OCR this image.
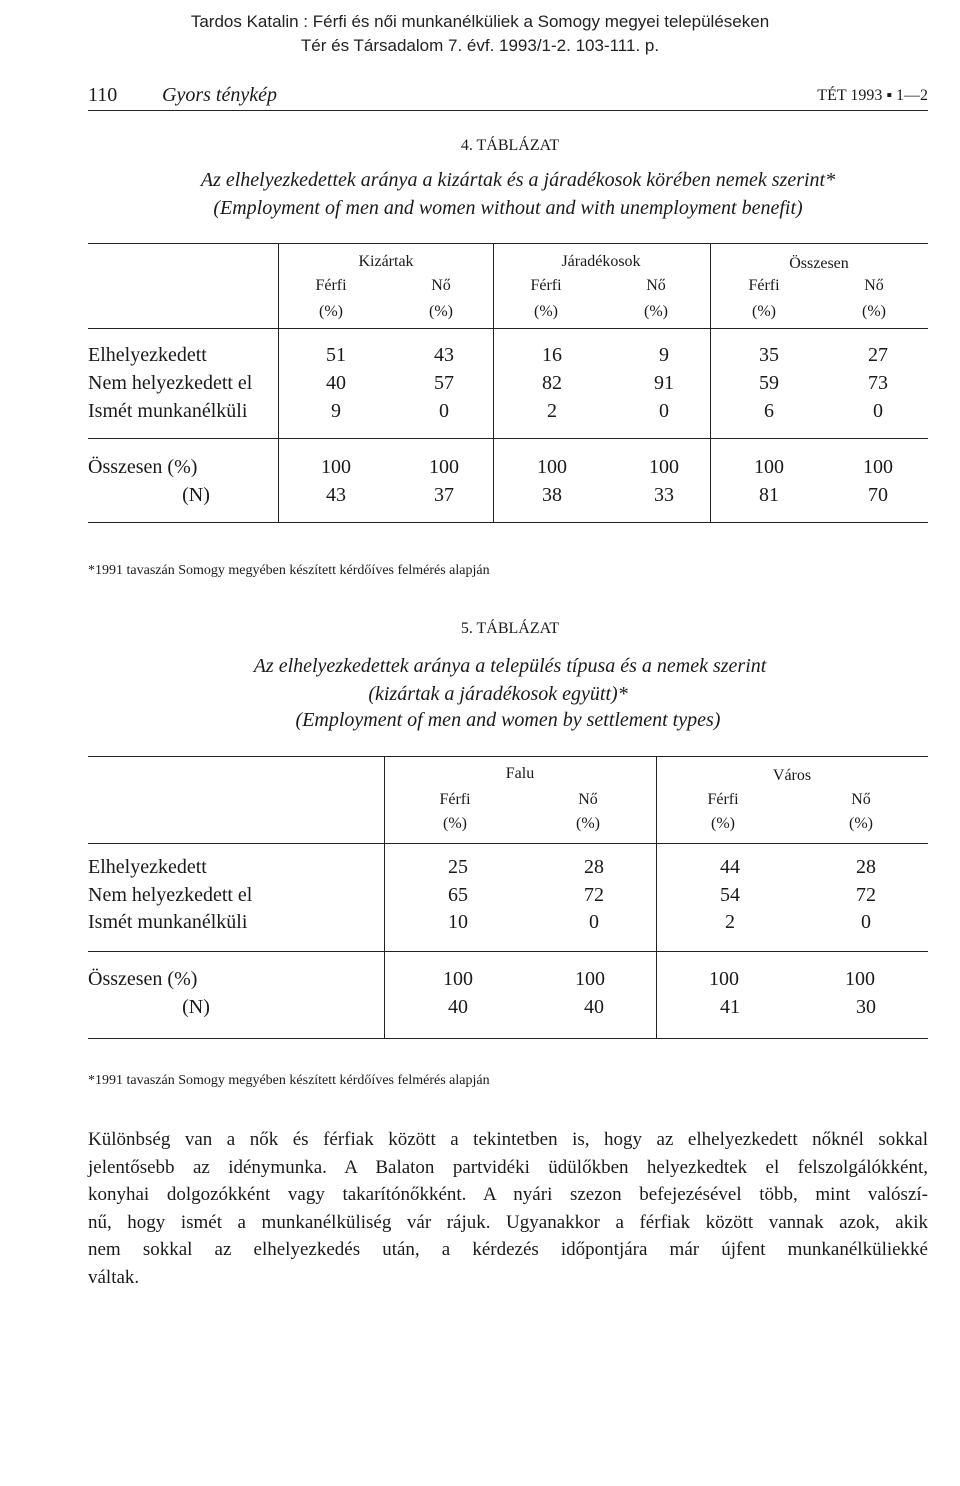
Tardos Katalin : Férfi és női munkanélküliek a Somogy megyei településeken
Tér és Társadalom 7. évf. 1993/1-2. 103-111. p.
110 Gyors ténykép	TÉT 1993 ▪ 1—2
4. TÁBLÁZAT
Az elhelyezkedettek aránya a kizártak és a járadékosok körében nemek szerint*
(Employment of men and women without and with unemployment benefit)
Kizártak	Járadékosok	Összesen
Férfi	Nő	Férfi	Nő	Férfi	Nő
(%)	(%)	(%)	(%)	(%)	(%)
Elhelyezkedett	51	43	16	9	35	27
Nem helyezkedett el	40	57	82	91	59	73
Ismét munkanélküli	9	0	2	0	6	0
Összesen (%)	100	100	100	100	100	100
(N)	43	37	38	33	81	70
*1991 tavaszán Somogy megyében készített kérdőíves felmérés alapján
5. TÁBLÁZAT
Az elhelyezkedettek aránya a település típusa és a nemek szerint
(kizártak a járadékosok együtt)*
(Employment of men and women by settlement types)
Falu	Város
Férfi	Nő	Férfi	Nő
(%)	(%)	(%)	(%)
Elhelyezkedett	25	28	44	28
Nem helyezkedett el	65	72	54	72
Ismét munkanélküli	10	0	2	0
Összesen (%)	100	100	100	100
(N)	40	40	41	30
*1991 tavaszán Somogy megyében készített kérdőíves felmérés alapján
Különbség van a nők és férfiak között a tekintetben is, hogy az elhelyezkedett nőknél sokkal
jelentősebb az idénymunka. A Balaton partvidéki üdülőkben helyezkedtek el felszolgálókként,
konyhai dolgozókként vagy takarítónőkként. A nyári szezon befejezésével több, mint valószí-
nű, hogy ismét a munkanélküliség vár rájuk. Ugyanakkor a férfiak között vannak azok, akik
nem sokkal az elhelyezkedés után, a kérdezés időpontjára már újfent munkanélküliekké
váltak.
